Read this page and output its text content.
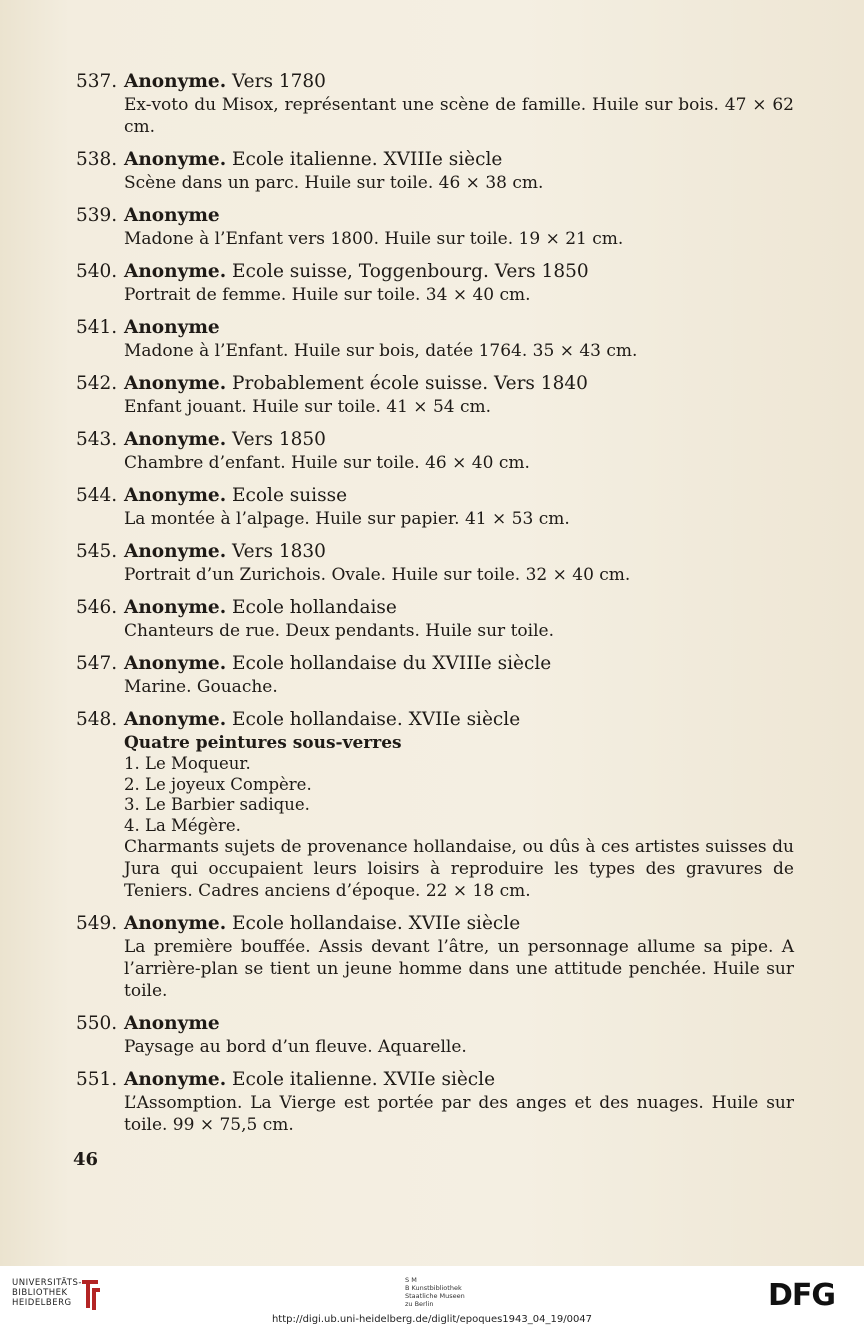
537. Anonyme. Vers 1780
Ex-voto du Misox, représentant une scène de famille. Huile sur bois. 47 × 62 cm.
538. Anonyme. Ecole italienne. XVIIIe siècle
Scène dans un parc. Huile sur toile. 46 × 38 cm.
539. Anonyme
Madone à l’Enfant vers 1800. Huile sur toile. 19 × 21 cm.
540. Anonyme. Ecole suisse, Toggenbourg. Vers 1850
Portrait de femme. Huile sur toile. 34 × 40 cm.
541. Anonyme
Madone à l’Enfant. Huile sur bois, datée 1764. 35 × 43 cm.
542. Anonyme. Probablement école suisse. Vers 1840
Enfant jouant. Huile sur toile. 41 × 54 cm.
543. Anonyme. Vers 1850
Chambre d’enfant. Huile sur toile. 46 × 40 cm.
544. Anonyme. Ecole suisse
La montée à l’alpage. Huile sur papier. 41 × 53 cm.
545. Anonyme. Vers 1830
Portrait d’un Zurichois. Ovale. Huile sur toile. 32 × 40 cm.
546. Anonyme. Ecole hollandaise
Chanteurs de rue. Deux pendants. Huile sur toile.
547. Anonyme. Ecole hollandaise du XVIIIe siècle
Marine. Gouache.
548. Anonyme. Ecole hollandaise. XVIIe siècle
Quatre peintures sous-verres
1. Le Moqueur.
2. Le joyeux Compère.
3. Le Barbier sadique.
4. La Mégère.
Charmants sujets de provenance hollandaise, ou dûs à ces artistes suisses du Jura qui occupaient leurs loisirs à reproduire les types des gravures de Teniers. Cadres anciens d’époque. 22 × 18 cm.
549. Anonyme. Ecole hollandaise. XVIIe siècle
La première bouffée. Assis devant l’âtre, un personnage allume sa pipe. A l’arrière-plan se tient un jeune homme dans une attitude penchée. Huile sur toile.
550. Anonyme
Paysage au bord d’un fleuve. Aquarelle.
551. Anonyme. Ecole italienne. XVIIe siècle
L’Assomption. La Vierge est portée par des anges et des nuages. Huile sur toile. 99 × 75,5 cm.
46
UNIVERSITÄTS-
BIBLIOTHEK
HEIDELBERG
S M
B Kunstbibliothek
Staatliche Museen
zu Berlin	DFG
http://digi.ub.uni-heidelberg.de/diglit/epoques1943_04_19/0047
